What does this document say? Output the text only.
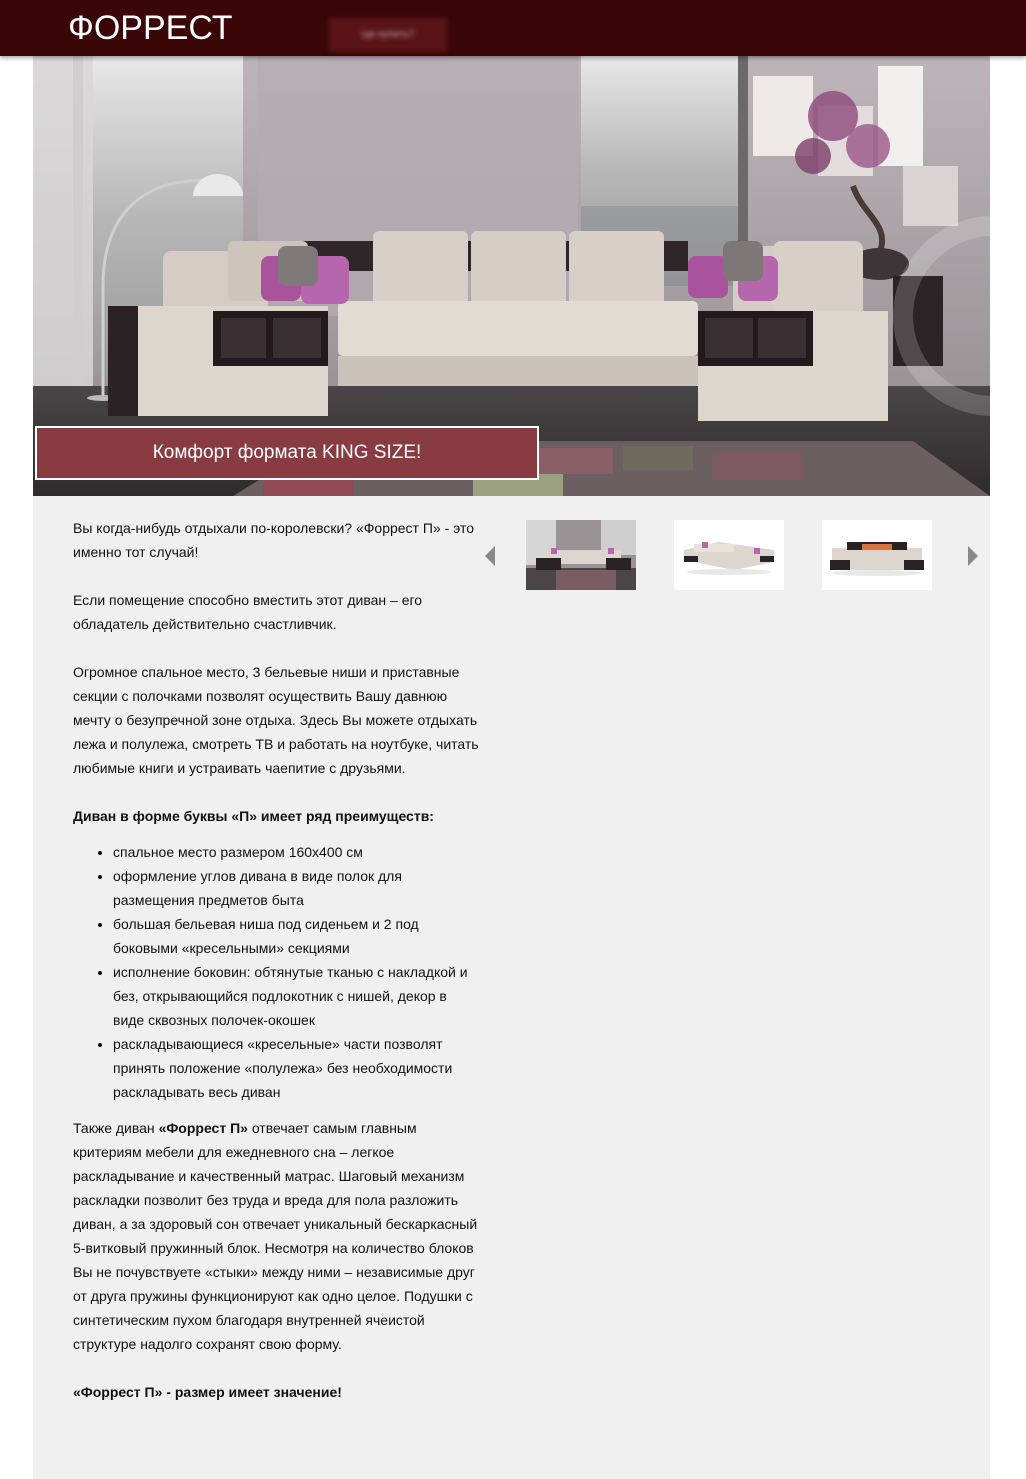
ФОРРЕСТ	где купить?
Комфорт формата KING SIZE!

Вы когда-нибудь отдыхали по-королевски? «Форрест П» - это именно тот случай!

Если помещение способно вместить этот диван – его обладатель действительно счастливчик.

Огромное спальное место, 3 бельевые ниши и приставные секции с полочками позволят осуществить Вашу давнюю мечту о безупречной зоне отдыха. Здесь Вы можете отдыхать лежа и полулежа, смотреть ТВ и работать на ноутбуке, читать любимые книги и устраивать чаепитие с друзьями.

Диван в форме буквы «П» имеет ряд преимуществ:

• спальное место размером 160х400 см
• оформление углов дивана в виде полок для размещения предметов быта
• большая бельевая ниша под сиденьем и 2 под боковыми «кресельными» секциями
• исполнение боковин: обтянутые тканью с накладкой и без, открывающийся подлокотник с нишей, декор в виде сквозных полочек-окошек
• раскладывающиеся «кресельные» части позволят принять положение «полулежа» без необходимости раскладывать весь диван

Также диван «Форрест П» отвечает самым главным критериям мебели для ежедневного сна – легкое раскладывание и качественный матрас. Шаговый механизм раскладки позволит без труда и вреда для пола разложить диван, а за здоровый сон отвечает уникальный бескаркасный 5-витковый пружинный блок. Несмотря на количество блоков Вы не почувствуете «стыки» между ними – независимые друг от друга пружины функционируют как одно целое. Подушки с синтетическим пухом благодаря внутренней ячеистой структуре надолго сохранят свою форму.

«Форрест П» - размер имеет значение!
